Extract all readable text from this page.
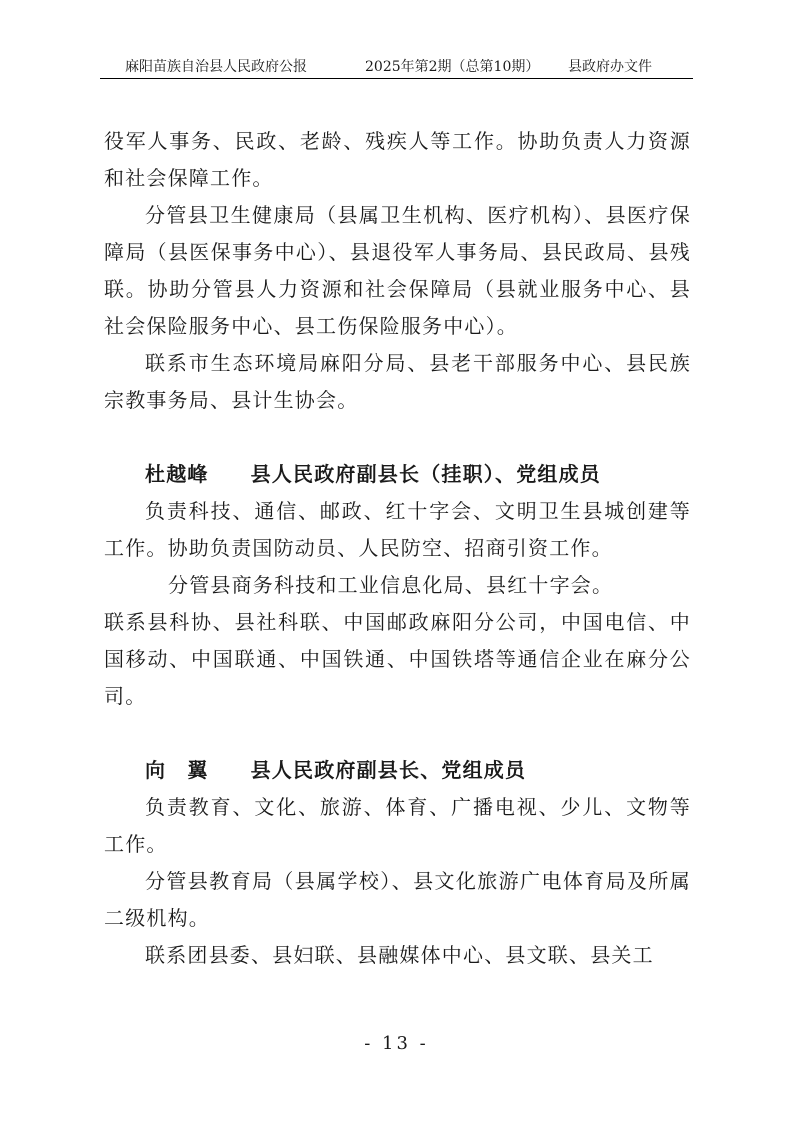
麻阳苗族自治县人民政府公报	2025年第2期（总第10期） 县政府办文件

役军人事务、民政、老龄、残疾人等工作。协助负责人力资源和社会保障工作。

分管县卫生健康局（县属卫生机构、医疗机构）、县医疗保障局（县医保事务中心）、县退役军人事务局、县民政局、县残联。协助分管县人力资源和社会保障局（县就业服务中心、县社会保险服务中心、县工伤保险服务中心）。

联系市生态环境局麻阳分局、县老干部服务中心、县民族宗教事务局、县计生协会。

杜越峰 县人民政府副县长（挂职）、党组成员

负责科技、通信、邮政、红十字会、文明卫生县城创建等工作。协助负责国防动员、人民防空、招商引资工作。

分管县商务科技和工业信息化局、县红十字会。

联系县科协、县社科联、中国邮政麻阳分公司，中国电信、中国移动、中国联通、中国铁通、中国铁塔等通信企业在麻分公司。

向　翼 县人民政府副县长、党组成员

负责教育、文化、旅游、体育、广播电视、少儿、文物等工作。

分管县教育局（县属学校）、县文化旅游广电体育局及所属二级机构。

联系团县委、县妇联、县融媒体中心、县文联、县关工

- 13 -
